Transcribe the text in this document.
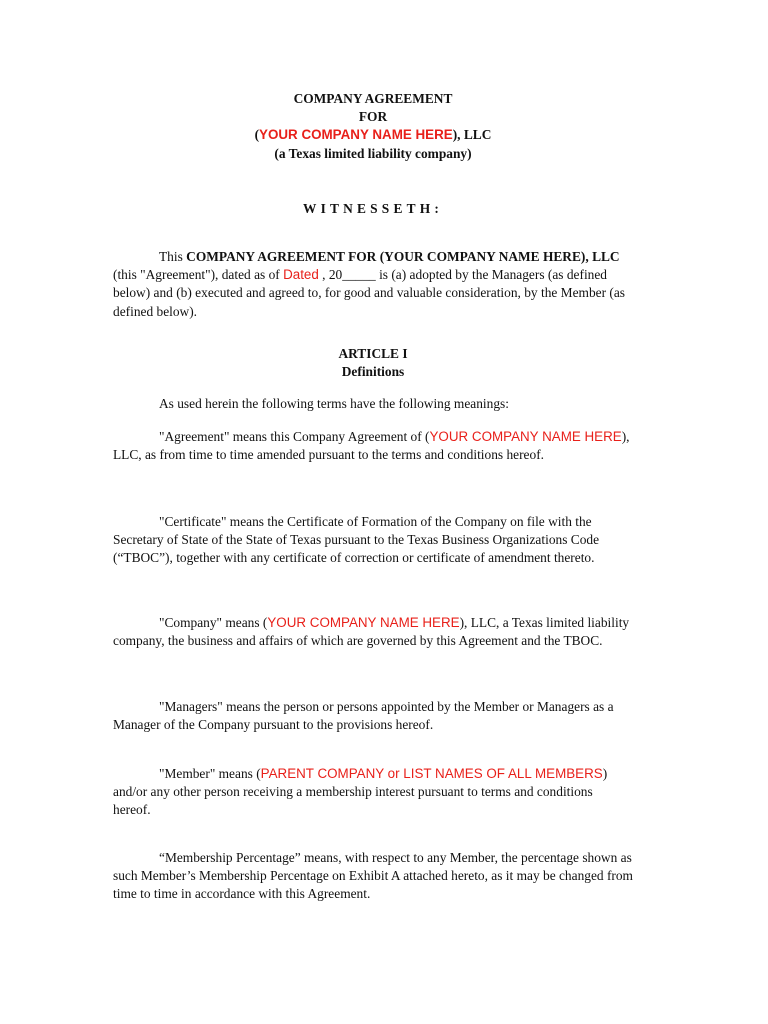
COMPANY AGREEMENT
FOR
(YOUR COMPANY NAME HERE), LLC
(a Texas limited liability company)
WITNESSETH:
This COMPANY AGREEMENT FOR (YOUR COMPANY NAME HERE), LLC (this "Agreement"), dated as of Dated , 20_____ is (a) adopted by the Managers (as defined below) and (b) executed and agreed to, for good and valuable consideration, by the Member (as defined below).
ARTICLE I
Definitions
As used herein the following terms have the following meanings:
"Agreement" means this Company Agreement of (YOUR COMPANY NAME HERE), LLC, as from time to time amended pursuant to the terms and conditions hereof.
"Certificate" means the Certificate of Formation of the Company on file with the Secretary of State of the State of Texas pursuant to the Texas Business Organizations Code (“TBOC”), together with any certificate of correction or certificate of amendment thereto.
"Company" means (YOUR COMPANY NAME HERE), LLC, a Texas limited liability company, the business and affairs of which are governed by this Agreement and the TBOC.
"Managers" means the person or persons appointed by the Member or Managers as a Manager of the Company pursuant to the provisions hereof.
"Member" means (PARENT COMPANY or LIST NAMES OF ALL MEMBERS) and/or any other person receiving a membership interest pursuant to terms and conditions hereof.
“Membership Percentage” means, with respect to any Member, the percentage shown as such Member’s Membership Percentage on Exhibit A attached hereto, as it may be changed from time to time in accordance with this Agreement.
